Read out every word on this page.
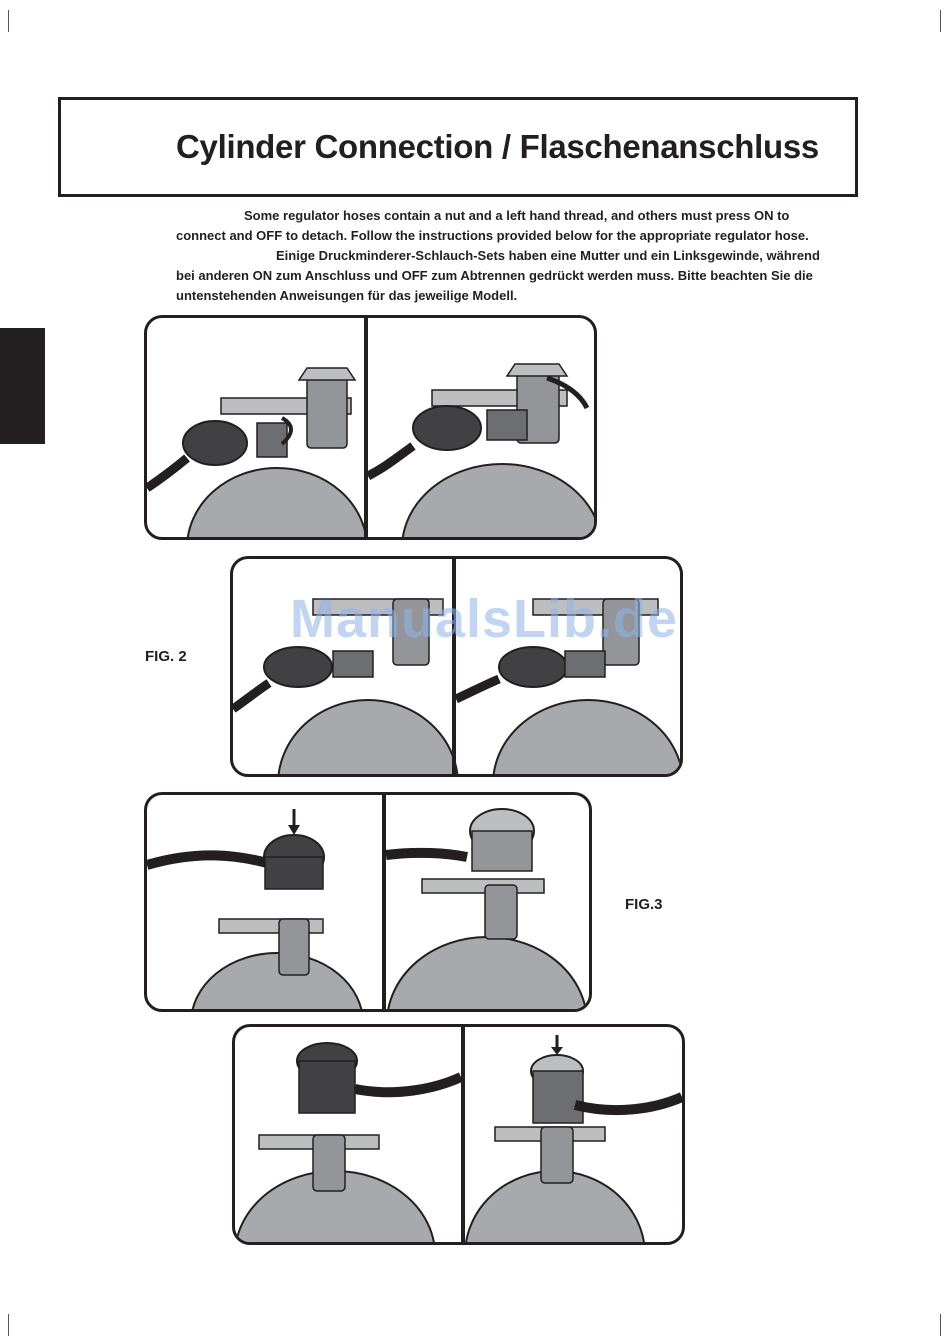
Cylinder Connection / Flaschenanschluss

Some regulator hoses contain a nut and a left hand thread, and others must press ON to

connect and OFF to detach. Follow the instructions provided below for the appropriate regulator hose.

Einige Druckminderer-Schlauch-Sets haben eine Mutter und ein Linksgewinde, während

bei anderen ON zum Anschluss und OFF zum Abtrennen gedrückt werden muss. Bitte beachten Sie die

untenstehenden Anweisungen für das jeweilige Modell.

FIG. 2
ManualsLib.de
FIG.3
